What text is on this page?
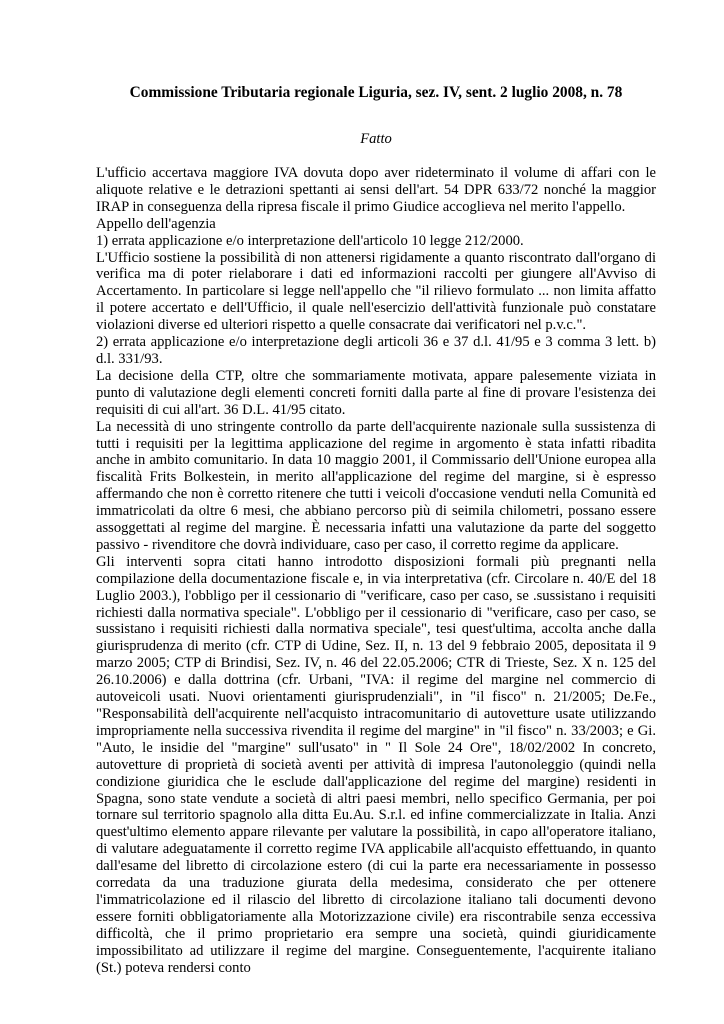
Commissione Tributaria regionale Liguria, sez. IV, sent. 2 luglio 2008, n. 78
Fatto

L'ufficio accertava maggiore IVA dovuta dopo aver rideterminato il volume di affari con le aliquote relative e le detrazioni spettanti ai sensi dell'art. 54 DPR 633/72 nonché la maggior IRAP in conseguenza della ripresa fiscale il primo Giudice accoglieva nel merito l'appello.

Appello dell'agenzia

1) errata applicazione e/o interpretazione dell'articolo 10 legge 212/2000.

L'Ufficio sostiene la possibilità di non attenersi rigidamente a quanto riscontrato dall'organo di verifica ma di poter rielaborare i dati ed informazioni raccolti per giungere all'Avviso di Accertamento. In particolare si legge nell'appello che "il rilievo formulato ... non limita affatto il potere accertato e dell'Ufficio, il quale nell'esercizio dell'attività funzionale può constatare violazioni diverse ed ulteriori rispetto a quelle consacrate dai verificatori nel p.v.c.".

2) errata applicazione e/o interpretazione degli articoli 36 e 37 d.l. 41/95 e 3 comma 3 lett. b) d.l. 331/93.

La decisione della CTP, oltre che sommariamente motivata, appare palesemente viziata in punto di valutazione degli elementi concreti forniti dalla parte al fine di provare l'esistenza dei requisiti di cui all'art. 36 D.L. 41/95 citato.

La necessità di uno stringente controllo da parte dell'acquirente nazionale sulla sussistenza di tutti i requisiti per la legittima applicazione del regime in argomento è stata infatti ribadita anche in ambito comunitario. In data 10 maggio 2001, il Commissario dell'Unione europea alla fiscalità Frits Bolkestein, in merito all'applicazione del regime del margine, si è espresso affermando che non è corretto ritenere che tutti i veicoli d'occasione venduti nella Comunità ed immatricolati da oltre 6 mesi, che abbiano percorso più di seimila chilometri, possano essere assoggettati al regime del margine. È necessaria infatti una valutazione da parte del soggetto passivo - rivenditore che dovrà individuare, caso per caso, il corretto regime da applicare.

Gli interventi sopra citati hanno introdotto disposizioni formali più pregnanti nella compilazione della documentazione fiscale e, in via interpretativa (cfr. Circolare n. 40/E del 18 Luglio 2003.), l'obbligo per il cessionario di "verificare, caso per caso, se .sussistano i requisiti richiesti dalla normativa speciale". L'obbligo per il cessionario di "verificare, caso per caso, se sussistano i requisiti richiesti dalla normativa speciale", tesi quest'ultima, accolta anche dalla giurisprudenza di merito (cfr. CTP di Udine, Sez. II, n. 13 del 9 febbraio 2005, depositata il 9 marzo 2005; CTP di Brindisi, Sez. IV, n. 46 del 22.05.2006; CTR di Trieste, Sez. X n. 125 del 26.10.2006) e dalla dottrina (cfr. Urbani, "IVA: il regime del margine nel commercio di autoveicoli usati. Nuovi orientamenti giurisprudenziali", in "il fisco" n. 21/2005; De.Fe., "Responsabilità dell'acquirente nell'acquisto intracomunitario di autovetture usate utilizzando impropriamente nella successiva rivendita il regime del margine" in "il fisco" n. 33/2003; e Gi. "Auto, le insidie del "margine" sull'usato" in " Il Sole 24 Ore", 18/02/2002 In concreto, autovetture di proprietà di società aventi per attività di impresa l'autonoleggio (quindi nella condizione giuridica che le esclude dall'applicazione del regime del margine) residenti in Spagna, sono state vendute a società di altri paesi membri, nello specifico Germania, per poi tornare sul territorio spagnolo alla ditta Eu.Au. S.r.l. ed infine commercializzate in Italia. Anzi quest'ultimo elemento appare rilevante per valutare la possibilità, in capo all'operatore italiano, di valutare adeguatamente il corretto regime IVA applicabile all'acquisto effettuando, in quanto dall'esame del libretto di circolazione estero (di cui la parte era necessariamente in possesso corredata da una traduzione giurata della medesima, considerato che per ottenere l'immatricolazione ed il rilascio del libretto di circolazione italiano tali documenti devono essere forniti obbligatoriamente alla Motorizzazione civile) era riscontrabile senza eccessiva difficoltà, che il primo proprietario era sempre una società, quindi giuridicamente impossibilitato ad utilizzare il regime del margine. Conseguentemente, l'acquirente italiano (St.) poteva rendersi conto
